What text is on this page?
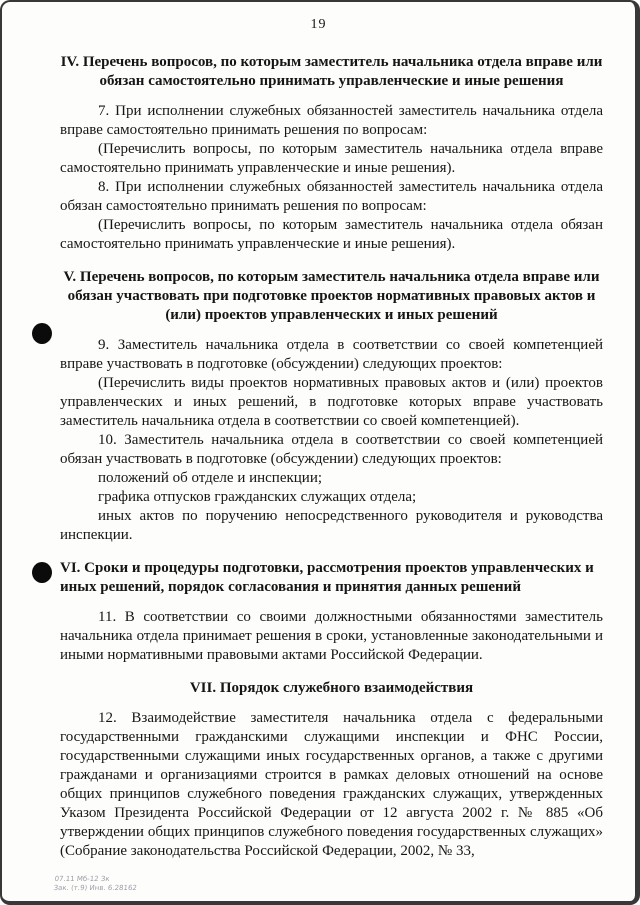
19
IV. Перечень вопросов, по которым заместитель начальника отдела вправе или обязан самостоятельно принимать управленческие и иные решения

7. При исполнении служебных обязанностей заместитель начальника отдела вправе самостоятельно принимать решения по вопросам:

(Перечислить вопросы, по которым заместитель начальника отдела вправе самостоятельно принимать управленческие и иные решения).

8. При исполнении служебных обязанностей заместитель начальника отдела обязан самостоятельно принимать решения по вопросам:

(Перечислить вопросы, по которым заместитель начальника отдела обязан самостоятельно принимать управленческие и иные решения).

V. Перечень вопросов, по которым заместитель начальника отдела вправе или обязан участвовать при подготовке проектов нормативных правовых актов и (или) проектов управленческих и иных решений

9. Заместитель начальника отдела в соответствии со своей компетенцией вправе участвовать в подготовке (обсуждении) следующих проектов:

(Перечислить виды проектов нормативных правовых актов и (или) проектов управленческих и иных решений, в подготовке которых вправе участвовать заместитель начальника отдела в соответствии со своей компетенцией).

10. Заместитель начальника отдела в соответствии со своей компетенцией обязан участвовать в подготовке (обсуждении) следующих проектов:

положений об отделе и инспекции;

графика отпусков гражданских служащих отдела;

иных актов по поручению непосредственного руководителя и руководства инспекции.

VI. Сроки и процедуры подготовки, рассмотрения проектов управленческих и иных решений, порядок согласования и принятия данных решений

11. В соответствии со своими должностными обязанностями заместитель начальника отдела принимает решения в сроки, установленные законодательными и иными нормативными правовыми актами Российской Федерации.

VII. Порядок служебного взаимодействия

12. Взаимодействие заместителя начальника отдела с федеральными государственными гражданскими служащими инспекции и ФНС России, государственными служащими иных государственных органов, а также с другими гражданами и организациями строится в рамках деловых отношений на основе общих принципов служебного поведения гражданских служащих, утвержденных Указом Президента Российской Федерации от 12 августа 2002 г. № 885 «Об утверждении общих принципов служебного поведения государственных служащих» (Собрание законодательства Российской Федерации, 2002, № 33,

07.11 Мб-12 Зк
Зак. (т.9) Инв. 6.28162
